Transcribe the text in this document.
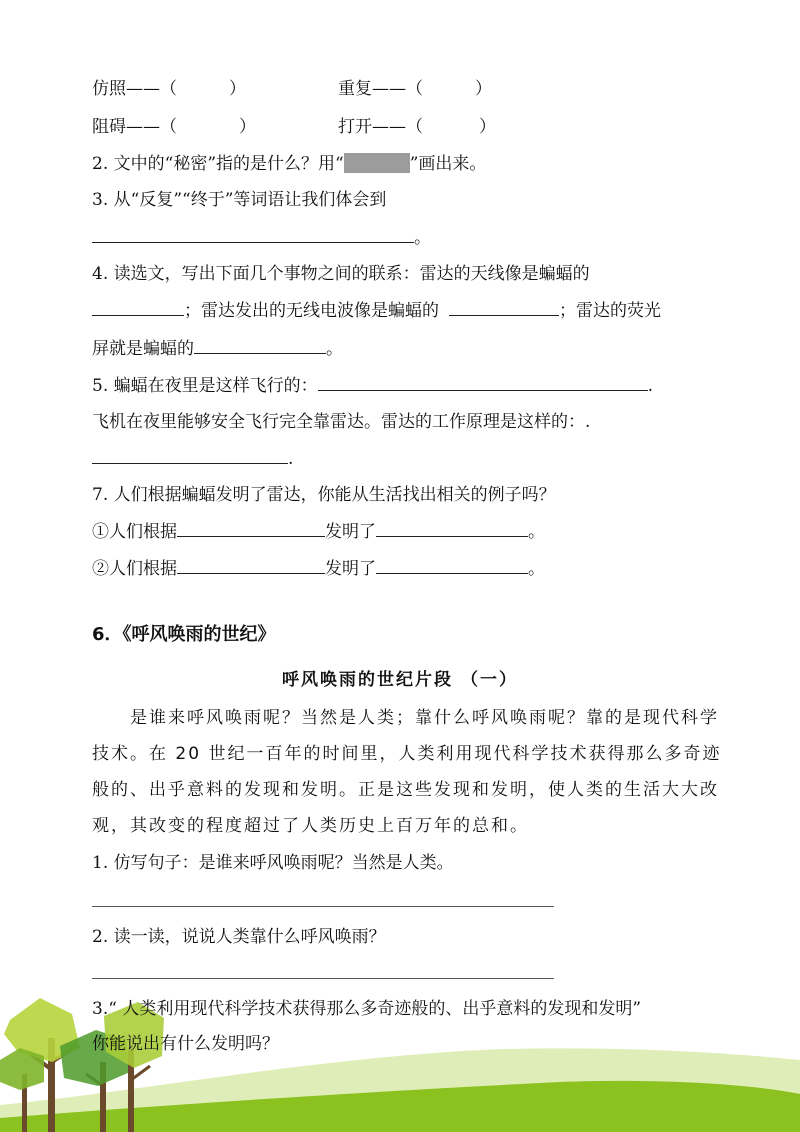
仿照——（	）	重复——（	）
阻碍——（	）	打开——（	）
2. 文中的“秘密”指的是什么？用“	”画出来。
3. 从“反复”“终于”等词语让我们体会到
。
4. 读选文，写出下面几个事物之间的联系：雷达的天线像是蝙蝠的
；雷达发出的无线电波像是蝙蝠的	；雷达的荧光
屏就是蝙蝠的	。
5. 蝙蝠在夜里是这样飞行的：	.
飞机在夜里能够安全飞行完全靠雷达。雷达的工作原理是这样的：.
.
7. 人们根据蝙蝠发明了雷达，你能从生活找出相关的例子吗？
①人们根据	发明了	。
②人们根据	发明了	。
6．《呼风唤雨的世纪》
呼风唤雨的世纪片段 （一）
是谁来呼风唤雨呢？当然是人类；靠什么呼风唤雨呢？靠的是现代科学
技术。在 20 世纪一百年的时间里，人类利用现代科学技术获得那么多奇迹
般的、出乎意料的发现和发明。正是这些发现和发明，使人类的生活大大改
观，其改变的程度超过了人类历史上百万年的总和。
1. 仿写句子：是谁来呼风唤雨呢？当然是人类。
2. 读一读，说说人类靠什么呼风唤雨？
3.“ 人类利用现代科学技术获得那么多奇迹般的、出乎意料的发现和发明”
你能说出有什么发明吗？
